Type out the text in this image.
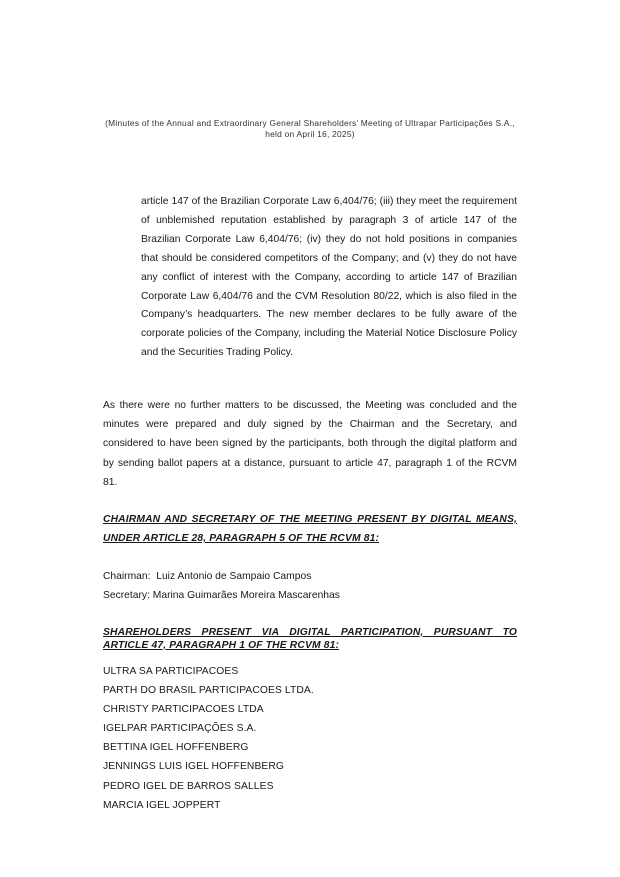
(Minutes of the Annual and Extraordinary General Shareholders’ Meeting of Ultrapar Participações S.A., held on April 16, 2025)

article 147 of the Brazilian Corporate Law 6,404/76; (iii) they meet the requirement of unblemished reputation established by paragraph 3 of article 147 of the Brazilian Corporate Law 6,404/76; (iv) they do not hold positions in companies that should be considered competitors of the Company; and (v) they do not have any conflict of interest with the Company, according to article 147 of Brazilian Corporate Law 6,404/76 and the CVM Resolution 80/22, which is also filed in the Company’s headquarters. The new member declares to be fully aware of the corporate policies of the Company, including the Material Notice Disclosure Policy and the Securities Trading Policy.

As there were no further matters to be discussed, the Meeting was concluded and the minutes were prepared and duly signed by the Chairman and the Secretary, and considered to have been signed by the participants, both through the digital platform and by sending ballot papers at a distance, pursuant to article 47, paragraph 1 of the RCVM 81.

CHAIRMAN AND SECRETARY OF THE MEETING PRESENT BY DIGITAL MEANS, UNDER ARTICLE 28, PARAGRAPH 5 OF THE RCVM 81:
Chairman:  Luiz Antonio de Sampaio Campos
Secretary: Marina Guimarães Moreira Mascarenhas
SHAREHOLDERS PRESENT VIA DIGITAL PARTICIPATION, PURSUANT TO ARTICLE 47, PARAGRAPH 1 OF THE RCVM 81:
ULTRA SA PARTICIPACOES
PARTH DO BRASIL PARTICIPACOES LTDA.
CHRISTY PARTICIPACOES LTDA
IGELPAR PARTICIPAÇÕES S.A.
BETTINA IGEL HOFFENBERG
JENNINGS LUIS IGEL HOFFENBERG
PEDRO IGEL DE BARROS SALLES
MARCIA IGEL JOPPERT
